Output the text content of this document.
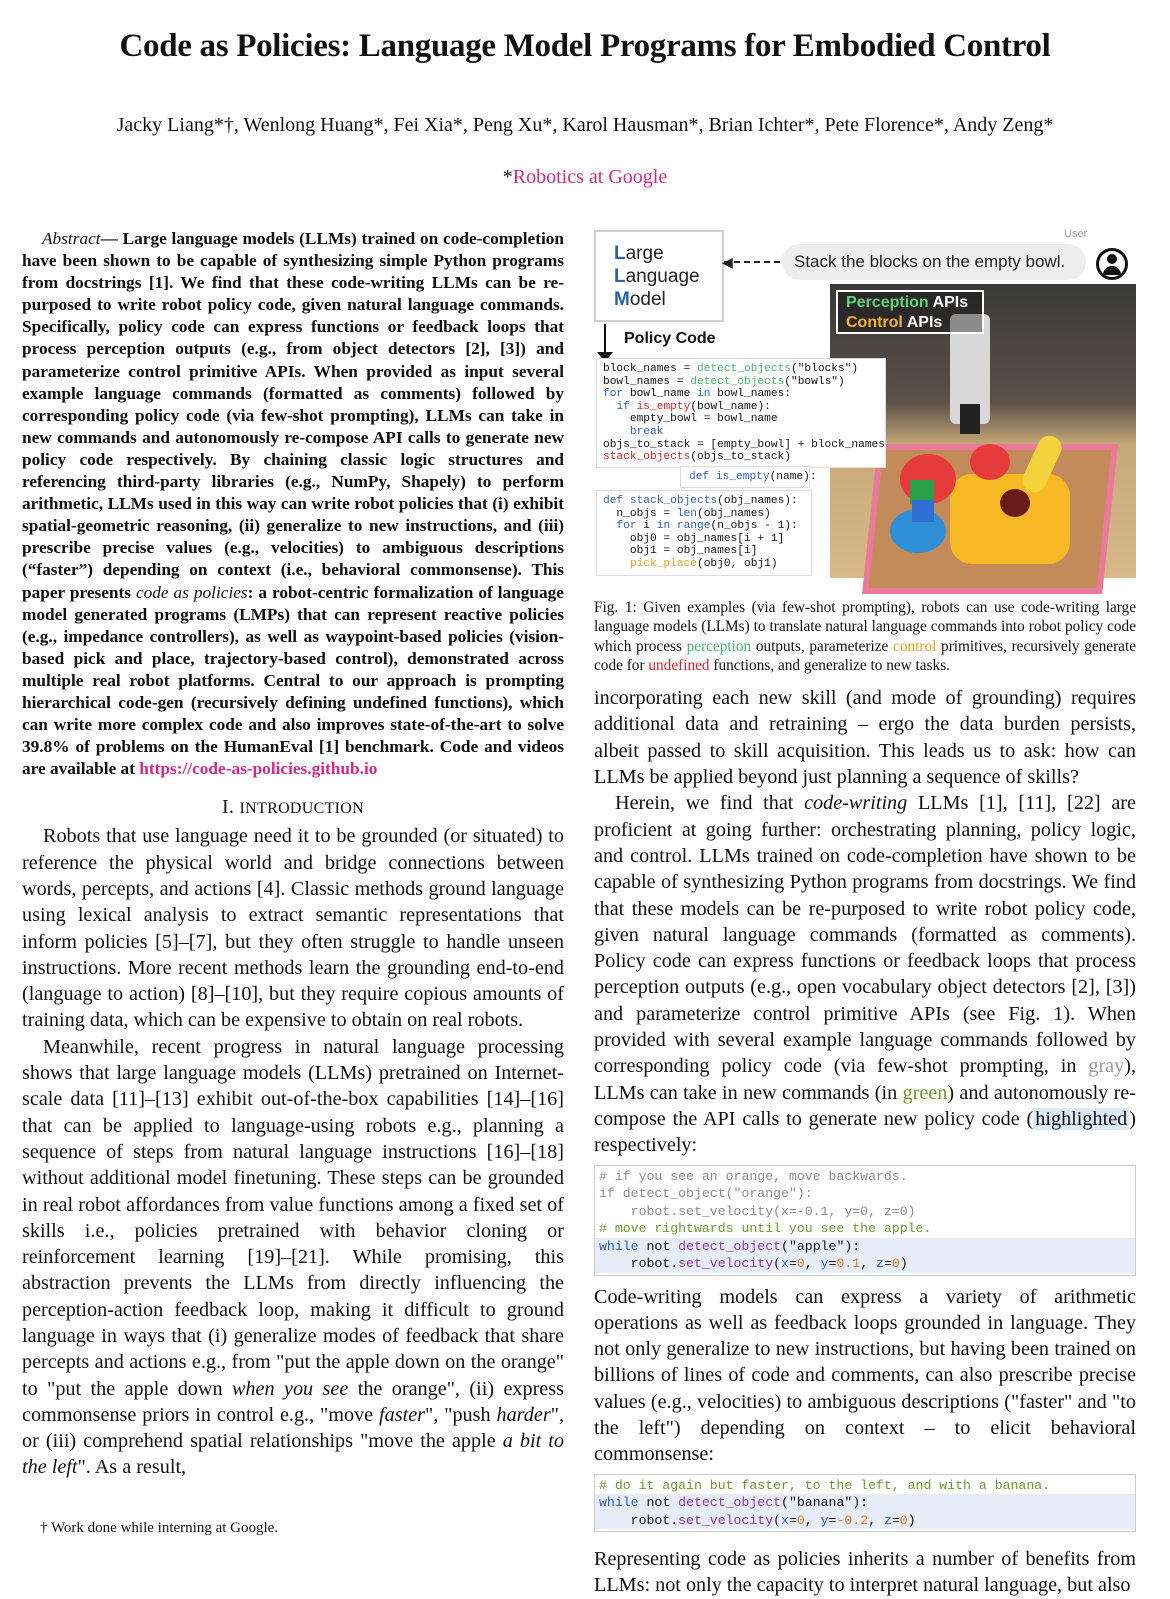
Code as Policies: Language Model Programs for Embodied Control
Jacky Liang*†, Wenlong Huang*, Fei Xia*, Peng Xu*, Karol Hausman*, Brian Ichter*, Pete Florence*, Andy Zeng*
*Robotics at Google
Abstract— Large language models (LLMs) trained on code-completion have been shown to be capable of synthesizing simple Python programs from docstrings [1]. We find that these code-writing LLMs can be re-purposed to write robot policy code, given natural language commands. Specifically, policy code can express functions or feedback loops that process perception outputs (e.g., from object detectors [2], [3]) and parameterize control primitive APIs. When provided as input several example language commands (formatted as comments) followed by corresponding policy code (via few-shot prompting), LLMs can take in new commands and autonomously re-compose API calls to generate new policy code respectively. By chaining classic logic structures and referencing third-party libraries (e.g., NumPy, Shapely) to perform arithmetic, LLMs used in this way can write robot policies that (i) exhibit spatial-geometric reasoning, (ii) generalize to new instructions, and (iii) prescribe precise values (e.g., velocities) to ambiguous descriptions (“faster”) depending on context (i.e., behavioral commonsense). This paper presents code as policies: a robot-centric formalization of language model generated programs (LMPs) that can represent reactive policies (e.g., impedance controllers), as well as waypoint-based policies (vision-based pick and place, trajectory-based control), demonstrated across multiple real robot platforms. Central to our approach is prompting hierarchical code-gen (recursively defining undefined functions), which can write more complex code and also improves state-of-the-art to solve 39.8% of problems on the HumanEval [1] benchmark. Code and videos are available at https://code-as-policies.github.io
I. INTRODUCTION

Robots that use language need it to be grounded (or situated) to reference the physical world and bridge connections between words, percepts, and actions [4]. Classic methods ground language using lexical analysis to extract semantic representations that inform policies [5]–[7], but they often struggle to handle unseen instructions. More recent methods learn the grounding end-to-end (language to action) [8]–[10], but they require copious amounts of training data, which can be expensive to obtain on real robots.

Meanwhile, recent progress in natural language processing shows that large language models (LLMs) pretrained on Internet-scale data [11]–[13] exhibit out-of-the-box capabilities [14]–[16] that can be applied to language-using robots e.g., planning a sequence of steps from natural language instructions [16]–[18] without additional model finetuning. These steps can be grounded in real robot affordances from value functions among a fixed set of skills i.e., policies pretrained with behavior cloning or reinforcement learning [19]–[21]. While promising, this abstraction prevents the LLMs from directly influencing the perception-action feedback loop, making it difficult to ground language in ways that (i) generalize modes of feedback that share percepts and actions e.g., from "put the apple down on the orange" to "put the apple down when you see the orange", (ii) express commonsense priors in control e.g., "move faster", "push harder", or (iii) comprehend spatial relationships "move the apple a bit to the left". As a result,

† Work done while interning at Google.
Large
Language
Model
◀
User
Stack the blocks on the empty bowl.
Policy Code
block_names = detect_objects("blocks")
bowl_names = detect_objects("bowls")
for bowl_name in bowl_names:
if is_empty(bowl_name):
empty_bowl = bowl_name
break
objs_to_stack = [empty_bowl] + block_names
stack_objects(objs_to_stack)
def is_empty(name):
def stack_objects(obj_names):
n_objs = len(obj_names)
for i in range(n_objs - 1):
obj0 = obj_names[i + 1]
obj1 = obj_names[i]
pick_place(obj0, obj1)
Perception APIs
Control APIs

Fig. 1: Given examples (via few-shot prompting), robots can use code-writing large language models (LLMs) to translate natural language commands into robot policy code which process perception outputs, parameterize control primitives, recursively generate code for undefined functions, and generalize to new tasks.

incorporating each new skill (and mode of grounding) requires additional data and retraining – ergo the data burden persists, albeit passed to skill acquisition. This leads us to ask: how can LLMs be applied beyond just planning a sequence of skills?

Herein, we find that code-writing LLMs [1], [11], [22] are proficient at going further: orchestrating planning, policy logic, and control. LLMs trained on code-completion have shown to be capable of synthesizing Python programs from docstrings. We find that these models can be re-purposed to write robot policy code, given natural language commands (formatted as comments). Policy code can express functions or feedback loops that process perception outputs (e.g., open vocabulary object detectors [2], [3]) and parameterize control primitive APIs (see Fig. 1). When provided with several example language commands followed by corresponding policy code (via few-shot prompting, in gray), LLMs can take in new commands (in green) and autonomously re-compose the API calls to generate new policy code (highlighted) respectively:

# if you see an orange, move backwards.
if detect_object("orange"):
robot.set_velocity(x=-0.1, y=0, z=0)
# move rightwards until you see the apple.
while not detect_object("apple"):
robot.set_velocity(x=0, y=0.1, z=0)

Code-writing models can express a variety of arithmetic operations as well as feedback loops grounded in language. They not only generalize to new instructions, but having been trained on billions of lines of code and comments, can also prescribe precise values (e.g., velocities) to ambiguous descriptions ("faster" and "to the left") depending on context – to elicit behavioral commonsense:

# do it again but faster, to the left, and with a banana.
while not detect_object("banana"):
robot.set_velocity(x=0, y=-0.2, z=0)

Representing code as policies inherits a number of benefits from LLMs: not only the capacity to interpret natural language, but also
